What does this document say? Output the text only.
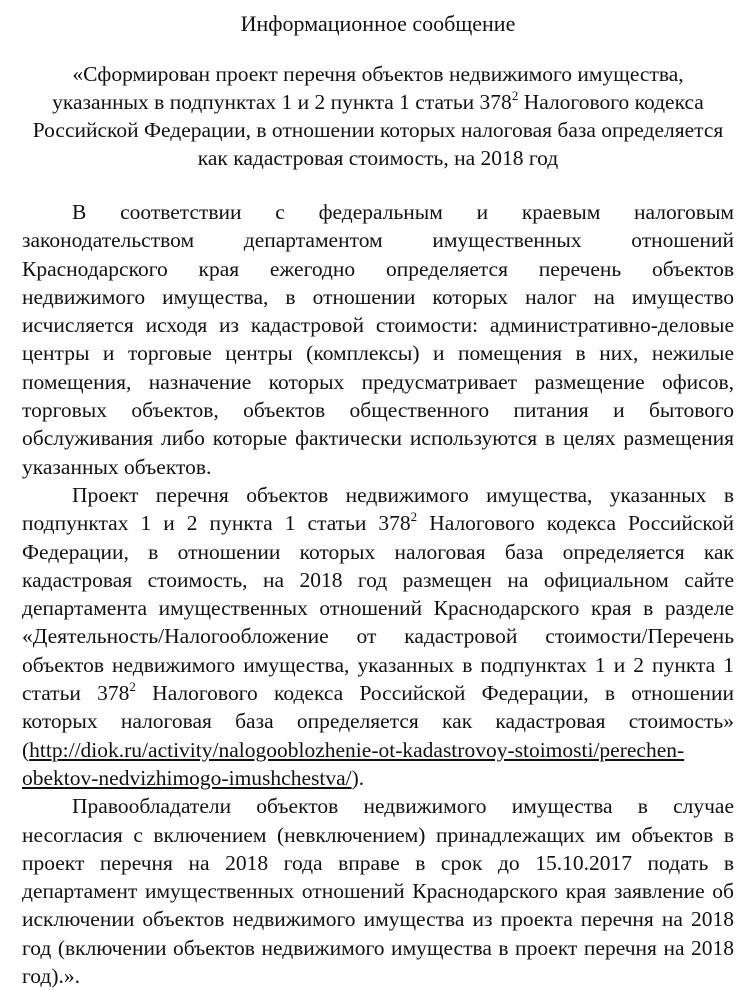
Информационное сообщение
«Сформирован проект перечня объектов недвижимого имущества, указанных в подпунктах 1 и 2 пункта 1 статьи $378^2$ Налогового кодекса Российской Федерации, в отношении которых налоговая база определяется как кадастровая стоимость, на 2018 год

В соответствии с федеральным и краевым налоговым законодательством департаментом имущественных отношений Краснодарского края ежегодно определяется перечень объектов недвижимого имущества, в отношении которых налог на имущество исчисляется исходя из кадастровой стоимости: административно-деловые центры и торговые центры (комплексы) и помещения в них, нежилые помещения, назначение которых предусматривает размещение офисов, торговых объектов, объектов общественного питания и бытового обслуживания либо которые фактически используются в целях размещения указанных объектов.

Проект перечня объектов недвижимого имущества, указанных в подпунктах 1 и 2 пункта 1 статьи $378^2$ Налогового кодекса Российской Федерации, в отношении которых налоговая база определяется как кадастровая стоимость, на 2018 год размещен на официальном сайте департамента имущественных отношений Краснодарского края в разделе «Деятельность/Налогообложение от кадастровой стоимости/Перечень объектов недвижимого имущества, указанных в подпунктах 1 и 2 пункта 1 статьи $378^2$ Налогового кодекса Российской Федерации, в отношении которых налоговая база определяется как кадастровая стоимость» (http://diok.ru/activity/nalogooblozhenie-ot-kadastrovoy-stoimosti/perechen-obektov-nedvizhimogo-imushchestva/).

Правообладатели объектов недвижимого имущества в случае несогласия с включением (невключением) принадлежащих им объектов в проект перечня на 2018 года вправе в срок до 15.10.2017 подать в департамент имущественных отношений Краснодарского края заявление об исключении объектов недвижимого имущества из проекта перечня на 2018 год (включении объектов недвижимого имущества в проект перечня на 2018 год).».
